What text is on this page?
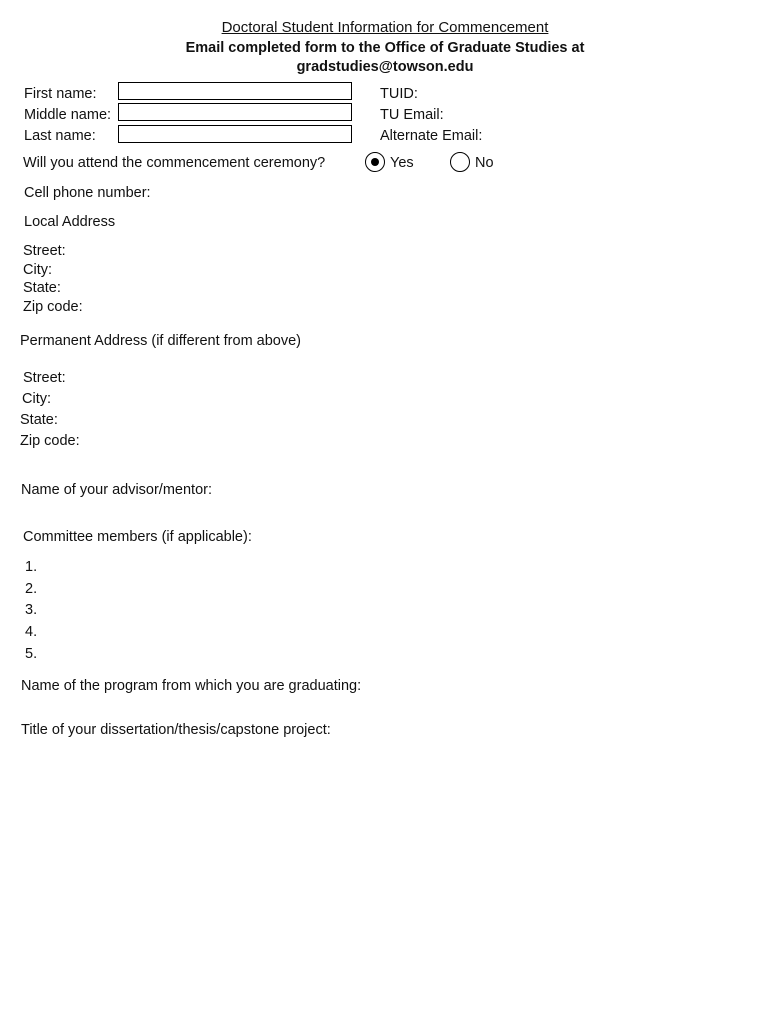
Doctoral Student Information for Commencement
Email completed form to the Office of Graduate Studies at
gradstudies@towson.edu
First name:
Middle name:
Last name:
TUID:
TU Email:
Alternate Email:
Will you attend the commencement ceremony?	Yes	No
Cell phone number:
Local Address
Street:
City:
State:
Zip code:
Permanent Address (if different from above)
Street:
City:
State:
Zip code:
Name of your advisor/mentor:
Committee members (if applicable):
1.
2.
3.
4.
5.
Name of the program from which you are graduating:
Title of your dissertation/thesis/capstone project:
